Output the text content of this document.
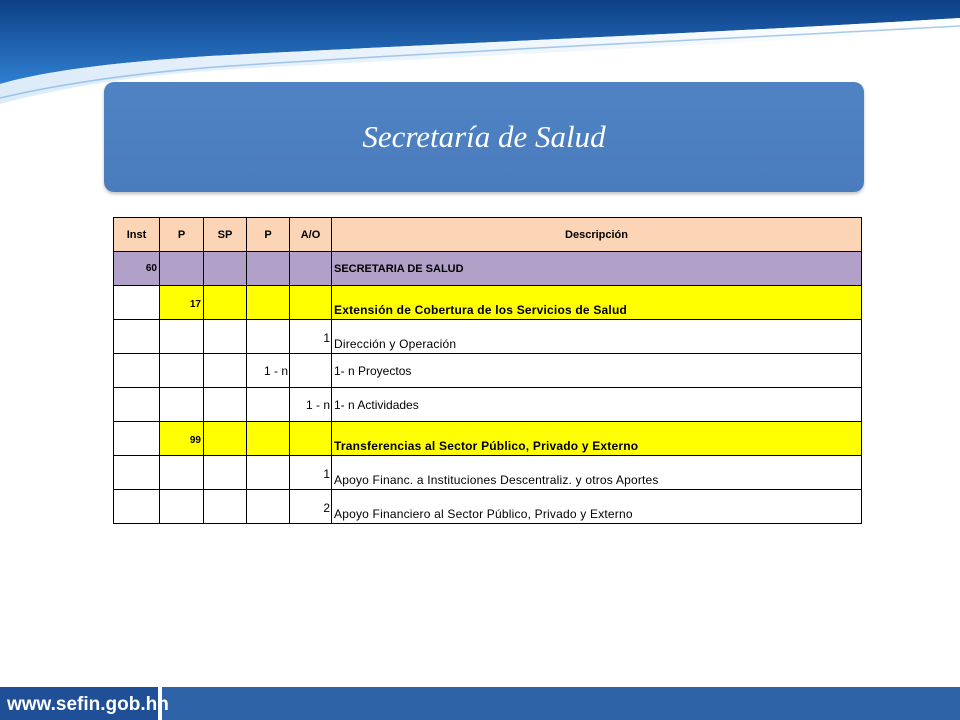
Secretaría de Salud
Inst	P	SP	P	A/O	Descripción
60					SECRETARIA DE SALUD
	17				Extensión de Cobertura de los Servicios de Salud
				1	Dirección y Operación
			1 - n		1- n Proyectos
				1 - n	1- n Actividades
	99				Transferencias al Sector Público, Privado y Externo
				1	Apoyo Financ. a Instituciones Descentraliz. y otros Aportes
				2	Apoyo Financiero al Sector Público, Privado y Externo
www.sefin.gob.hn
